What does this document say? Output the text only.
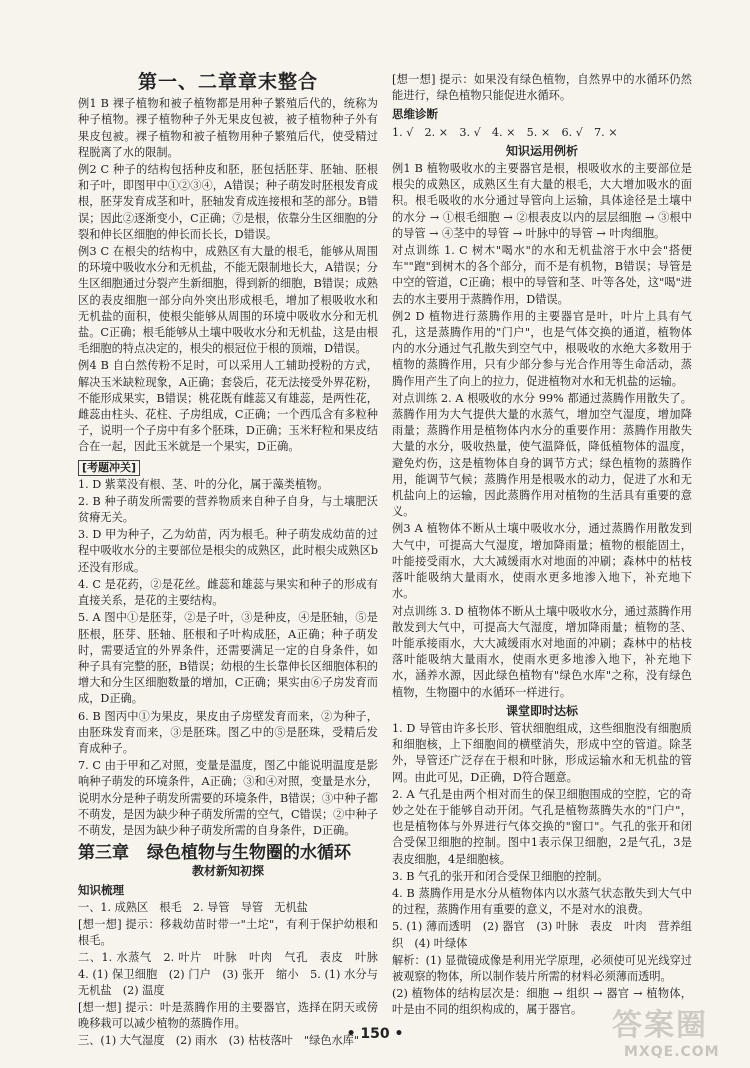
第一、二章章末整合

例1 B 裸子植物和被子植物都是用种子繁殖后代的，统称为种子植物。裸子植物种子外无果皮包被，被子植物种子外有果皮包被。裸子植物和被子植物用种子繁殖后代，使受精过程脱离了水的限制。

例2 C 种子的结构包括种皮和胚，胚包括胚芽、胚轴、胚根和子叶，即图甲中①②③④，A错误；种子萌发时胚根发育成根，胚芽发育成茎和叶，胚轴发育成连接根和茎的部分。B错误；因此②逐渐变小，C正确；⑦是根，依靠分生区细胞的分裂和伸长区细胞的伸长而长长，D错误。

例3 C 在根尖的结构中，成熟区有大量的根毛，能够从周围的环境中吸收水分和无机盐，不能无限制地长大，A错误；分生区细胞通过分裂产生新细胞，得到新的细胞，B错误；成熟区的表皮细胞一部分向外突出形成根毛，增加了根吸收水和无机盐的面积，使根尖能够从周围的环境中吸收水分和无机盐。C正确；根毛能够从土壤中吸收水分和无机盐，这是由根毛细胞的特点决定的，根尖的根冠位于根的顶端，D错误。

例4 B 自白然传粉不足时，可以采用人工辅助授粉的方式，解决玉米缺粒现象，A正确；套袋后，花无法接受外界花粉，不能形成果实，B错误；桃花既有雌蕊又有雄蕊，是两性花，雌蕊由柱头、花柱、子房组成，C正确；一个西瓜含有多粒种子，说明一个子房中有多个胚珠，D正确；玉米籽粒和果皮结合在一起，因此玉米就是一个果实，D正确。

[考题冲关]

1. D 紫菜没有根、茎、叶的分化，属于藻类植物。

2. B 种子萌发所需要的营养物质来自种子自身，与土壤肥沃贫瘠无关。

3. D 甲为种子，乙为幼苗，丙为根毛。种子萌发成幼苗的过程中吸收水分的主要部位是根尖的成熟区，此时根尖成熟区b还没有形成。

4. C 是花药，②是花丝。雌蕊和雄蕊与果实和种子的形成有直接关系，是花的主要结构。

5. A 图中①是胚芽，②是子叶，③是种皮，④是胚轴，⑤是胚根，胚芽、胚轴、胚根和子叶构成胚，A正确；种子萌发时，需要适宜的外界条件，还需要满足一定的自身条件，如种子具有完整的胚，B错误；幼根的生长靠伸长区细胞体积的增大和分生区细胞数量的增加，C正确；果实由⑥子房发育而成，D正确。

6. B 图丙中①为果皮，果皮由子房壁发育而来，②为种子，由胚珠发育而来，③是胚珠。图乙中的⑤是胚珠，受精后发育成种子。

7. C 由于甲和乙对照，变量是温度，图乙中能说明温度是影响种子萌发的环境条件，A正确；③和④对照，变量是水分，说明水分是种子萌发所需要的环境条件，B错误；③中种子都不萌发，是因为缺少种子萌发所需的空气，C错误；②中种子不萌发，是因为缺少种子萌发所需的自身条件，D正确。

第三章 绿色植物与生物圈的水循环
教材新知初探
知识梳理

一、1. 成熟区　根毛　2. 导管　导管　无机盐

[想一想] 提示：移栽幼苗时带一"土坨"，有利于保护幼根和根毛。

二、1. 水蒸气　2. 叶片　叶脉　叶肉　气孔　表皮　叶脉　4. (1) 保卫细胞　(2) 门户　(3) 张开　缩小　5. (1) 水分与无机盐　(2) 温度

[想一想] 提示：叶是蒸腾作用的主要器官，选择在阴天或傍晚移栽可以减少植物的蒸腾作用。

三、(1) 大气湿度　(2) 雨水　(3) 枯枝落叶　"绿色水库"

[想一想] 提示：如果没有绿色植物，自然界中的水循环仍然能进行，绿色植物只能促进水循环。

思维诊断

1. √　2. ×　3. √　4. ×　5. ×　6. √　7. ×

知识运用例析

例1 B 植物吸收水的主要器官是根，根吸收水的主要部位是根尖的成熟区，成熟区生有大量的根毛，大大增加吸水的面积。根毛吸收的水分通过导管向上运输，具体途径是土壤中的水分 → ①根毛细胞 → ②根表皮以内的层层细胞 → ③根中的导管 → ④茎中的导管 → 叶脉中的导管 → 叶肉细胞。

对点训练 1. C 树木"喝水"的水和无机盐溶于水中会"搭便车""跑"到树木的各个部分，而不是有机物，B错误；导管是中空的管道，C正确；根中的导管和茎、叶等各处，这"喝"进去的水主要用于蒸腾作用，D错误。

例2 D 植物进行蒸腾作用的主要器官是叶，叶片上具有气孔，这是蒸腾作用的"门户"，也是气体交换的通道，植物体内的水分通过气孔散失到空气中，根吸收的水绝大多数用于植物的蒸腾作用，只有少部分参与光合作用等生命活动，蒸腾作用产生了向上的拉力，促进植物对水和无机盐的运输。

对点训练 2. A 根吸收的水分 99% 都通过蒸腾作用散失了。蒸腾作用为大气提供大量的水蒸气，增加空气湿度，增加降雨量；蒸腾作用是植物体内水分的重要作用：蒸腾作用散失大量的水分，吸收热量，使气温降低，降低植物体的温度，避免灼伤，这是植物体自身的调节方式；绿色植物的蒸腾作用，能调节气候；蒸腾作用是根吸水的动力，促进了水和无机盐向上的运输，因此蒸腾作用对植物的生活具有重要的意义。

例3 A 植物体不断从土壤中吸收水分，通过蒸腾作用散发到大气中，可提高大气湿度，增加降雨量；植物的根能固土，叶能接受雨水，大大减缓雨水对地面的冲刷；森林中的枯枝落叶能吸纳大量雨水，使雨水更多地渗入地下，补充地下水。

对点训练 3. D 植物体不断从土壤中吸收水分，通过蒸腾作用散发到大气中，可提高大气湿度，增加降雨量；植物的茎、叶能承接雨水，大大减缓雨水对地面的冲刷；森林中的枯枝落叶能吸纳大量雨水，使雨水更多地渗入地下，补充地下水，涵养水源，因此绿色植物有"绿色水库"之称，没有绿色植物，生物圈中的水循环一样进行。

课堂即时达标

1. D 导管由许多长形、管状细胞组成，这些细胞没有细胞质和细胞核，上下细胞间的横壁消失，形成中空的管道。除茎外，导管还广泛存在于根和叶脉，形成运输水和无机盐的管网。由此可见，D正确，D符合题意。

2. A 气孔是由两个相对而生的保卫细胞围成的空腔，它的奇妙之处在于能够自动开闭。气孔是植物蒸腾失水的"门户"，也是植物体与外界进行气体交换的"窗口"。气孔的张开和闭合受保卫细胞的控制。图中1表示保卫细胞，2是气孔，3是表皮细胞，4是细胞核。

3. B 气孔的张开和闭合受保卫细胞的控制。

4. B 蒸腾作用是水分从植物体内以水蒸气状态散失到大气中的过程，蒸腾作用有重要的意义，不是对水的浪费。

5. (1) 薄而透明　(2) 器官　(3) 叶脉　表皮　叶肉　营养组织　(4) 叶绿体

解析：(1) 显微镜成像是利用光学原理，必须使可见光线穿过被观察的物体，所以制作装片所需的材料必须薄而透明。

(2) 植物体的结构层次是：细胞 → 组织 → 器官 → 植物体，叶是由不同的组织构成的，属于器官。

• 150 •	答案圈
MXQE.COM
